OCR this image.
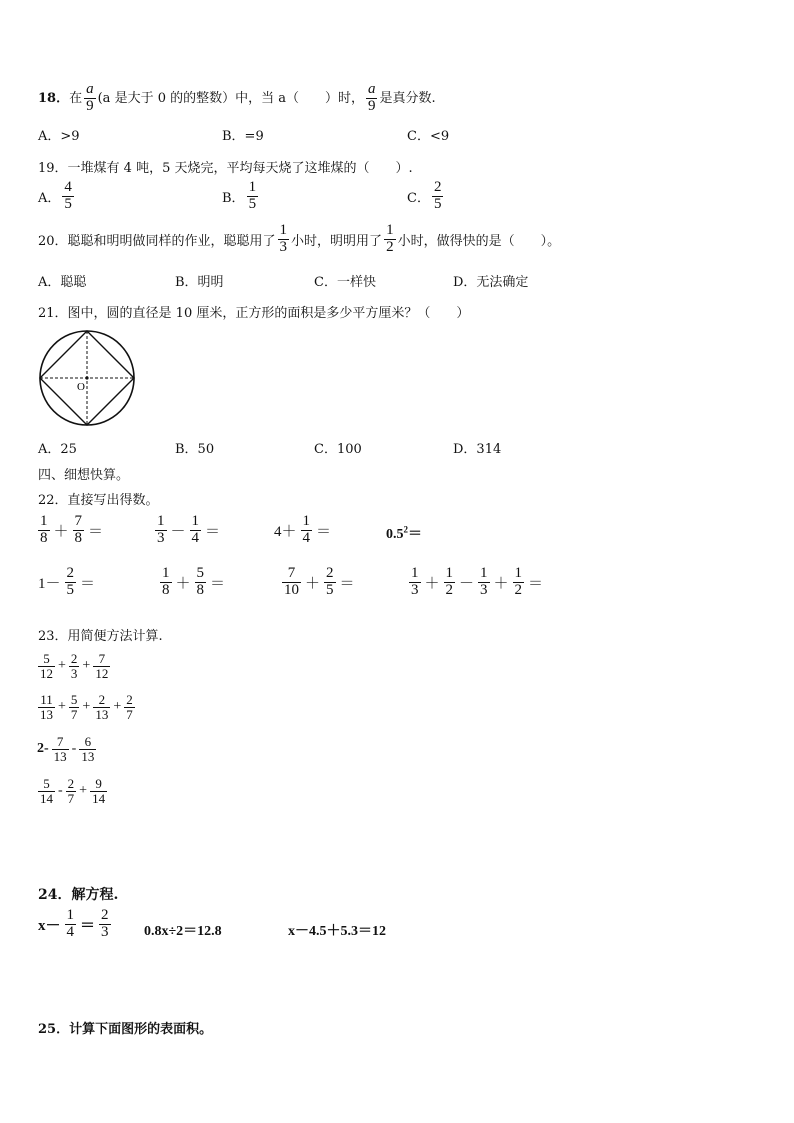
18．在 $\frac{a}{9} (a$ 是大于 0 的的整数）中，当 a（　　）时， $\frac{a}{9}$ 是真分数.
A．>9	B．=9	C．<9
19．一堆煤有 4 吨，5 天烧完，平均每天烧了这堆煤的（　　）.
A． $\frac{4}{5}$	B． $\frac{1}{5}$	C． $\frac{2}{5}$
20．聪聪和明明做同样的作业，聪聪用了 $\frac{1}{3}$ 小时，明明用了 $\frac{1}{2}$ 小时，做得快的是（　　）。
A．聪聪	B．明明	C．一样快	D．无法确定
21．图中，圆的直径是 10 厘米，正方形的面积是多少平方厘米？（　　）
O
A．25	B．50	C．100	D．314
四、细想快算。
22．直接写出得数。
$\frac{1}{8} + \frac{7}{8}$ ＝	$\frac{1}{3} - \frac{1}{4}$ ＝	$4+ \frac{1}{4}$ ＝	$0.5^2=$
$1- \frac{2}{5}$ ＝	$\frac{1}{8} + \frac{5}{8}$ ＝	$\frac{7}{10} + \frac{2}{5}$ ＝	$\frac{1}{3} + \frac{1}{2} - \frac{1}{3} + \frac{1}{2}$ ＝
23．用简便方法计算.
$\frac{5}{12} + \frac{2}{3} + \frac{7}{12}$
$\frac{11}{13} + \frac{5}{7} + \frac{2}{13} + \frac{2}{7}$
$2- \frac{7}{13} - \frac{6}{13}$
$\frac{5}{14} - \frac{2}{7} + \frac{9}{14}$
24．解方程.
$x- \frac{1}{4} = \frac{2}{3} 0.8x\div 2=12.8$	x－4.5＋5.3＝12
25．计算下面图形的表面积。
